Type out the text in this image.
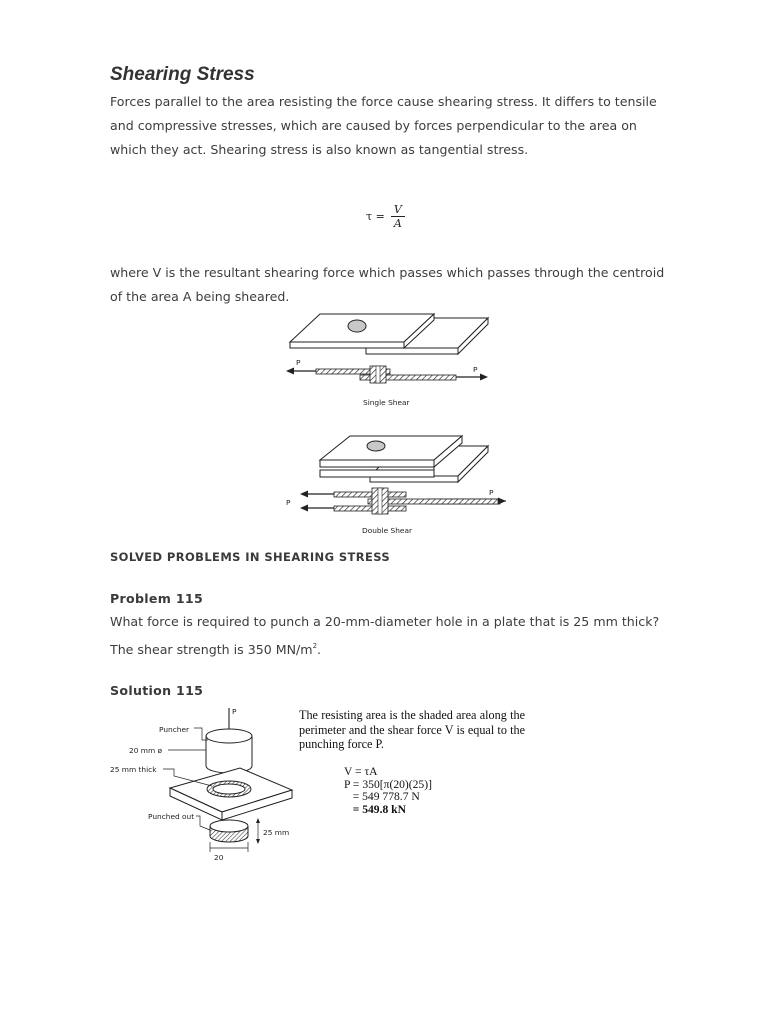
Shearing Stress

Forces parallel to the area resisting the force cause shearing stress. It differs to tensile
and compressive stresses, which are caused by forces perpendicular to the area on
which they act. Shearing stress is also known as tangential stress.

$\tau = \frac{V}{A}$

where V is the resultant shearing force which passes which passes through the centroid
of the area A being sheared.

P
P
Single Shear
P
P
Double Shear
SOLVED PROBLEMS IN SHEARING STRESS
Problem 115

What force is required to punch a 20-mm-diameter hole in a plate that is 25 mm thick?
The shear strength is 350 $MN/m^2$.

Solution 115
P
Puncher
20 mm ø
25 mm thick
Punched out
25 mm
20

The resisting area is the shaded area along the perimeter and the shear force V is equal to the punching force P.

V = τA
P = 350[π(20)(25)]
= 549 778.7 N
= 549.8 kN
